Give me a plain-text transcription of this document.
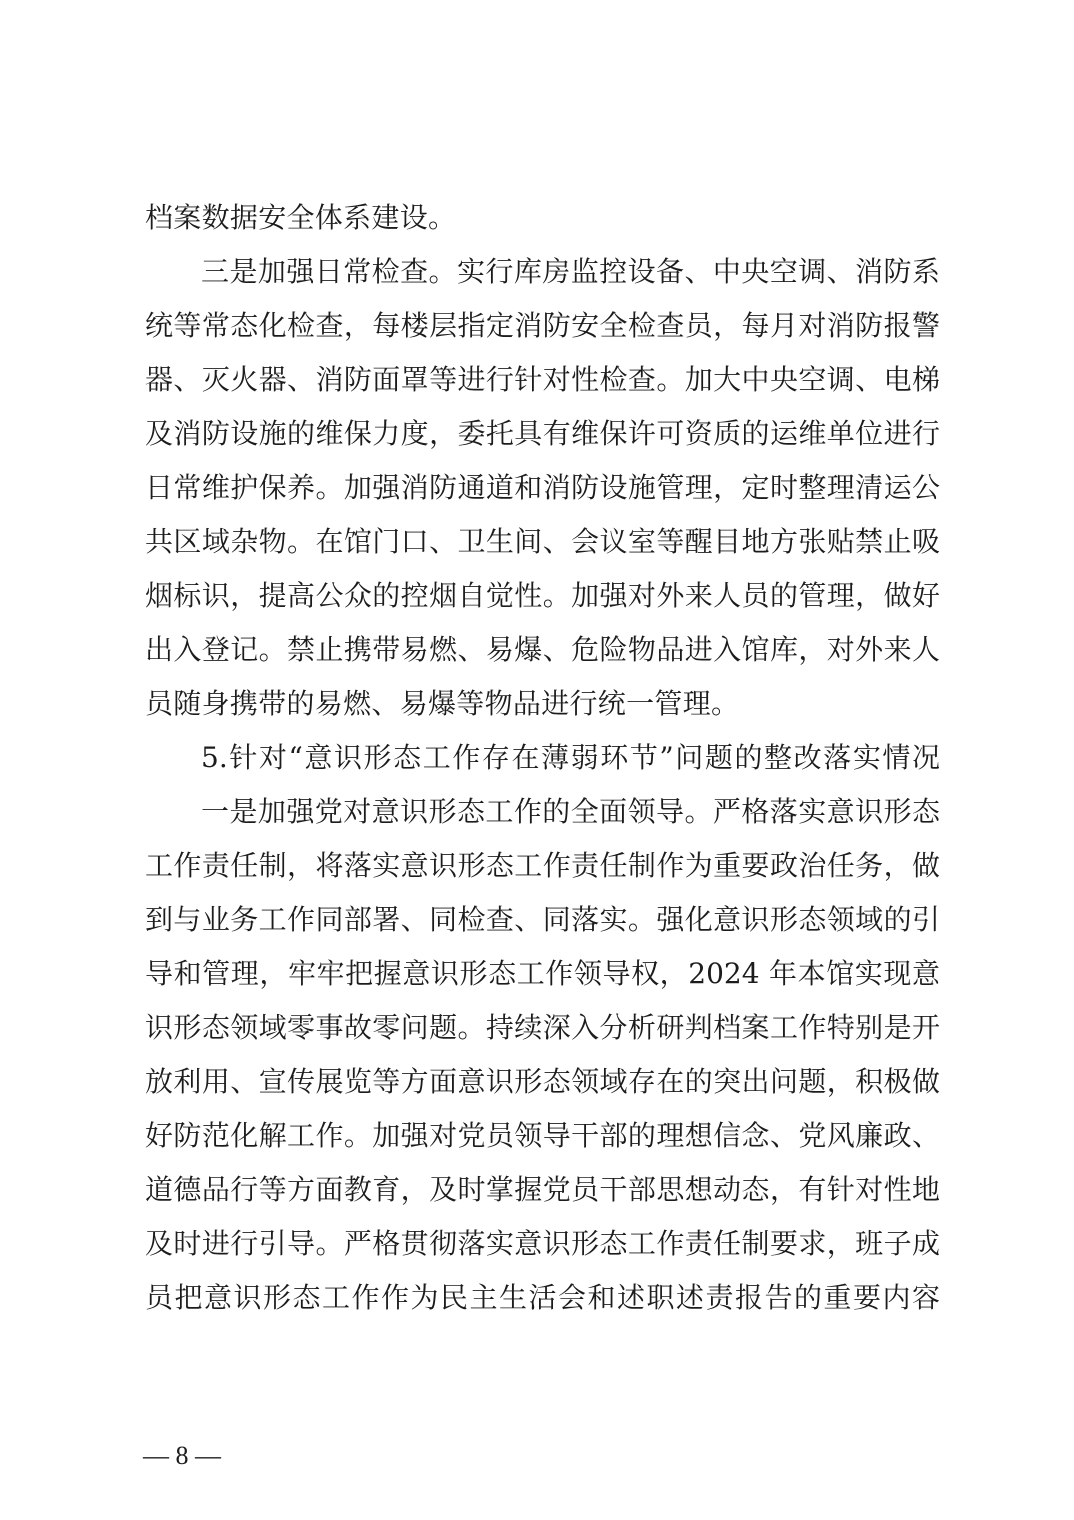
档案数据安全体系建设。
三是加强日常检查。实行库房监控设备、中央空调、消防系
统等常态化检查，每楼层指定消防安全检查员，每月对消防报警
器、灭火器、消防面罩等进行针对性检查。加大中央空调、电梯
及消防设施的维保力度，委托具有维保许可资质的运维单位进行
日常维护保养。加强消防通道和消防设施管理，定时整理清运公
共区域杂物。在馆门口、卫生间、会议室等醒目地方张贴禁止吸
烟标识，提高公众的控烟自觉性。加强对外来人员的管理，做好
出入登记。禁止携带易燃、易爆、危险物品进入馆库，对外来人
员随身携带的易燃、易爆等物品进行统一管理。
5.针对“意识形态工作存在薄弱环节”问题的整改落实情况
一是加强党对意识形态工作的全面领导。严格落实意识形态
工作责任制，将落实意识形态工作责任制作为重要政治任务，做
到与业务工作同部署、同检查、同落实。强化意识形态领域的引
导和管理，牢牢把握意识形态工作领导权，2024 年本馆实现意
识形态领域零事故零问题。持续深入分析研判档案工作特别是开
放利用、宣传展览等方面意识形态领域存在的突出问题，积极做
好防范化解工作。加强对党员领导干部的理想信念、党风廉政、
道德品行等方面教育，及时掌握党员干部思想动态，有针对性地
及时进行引导。严格贯彻落实意识形态工作责任制要求，班子成
员把意识形态工作作为民主生活会和述职述责报告的重要内容
— 8 —
